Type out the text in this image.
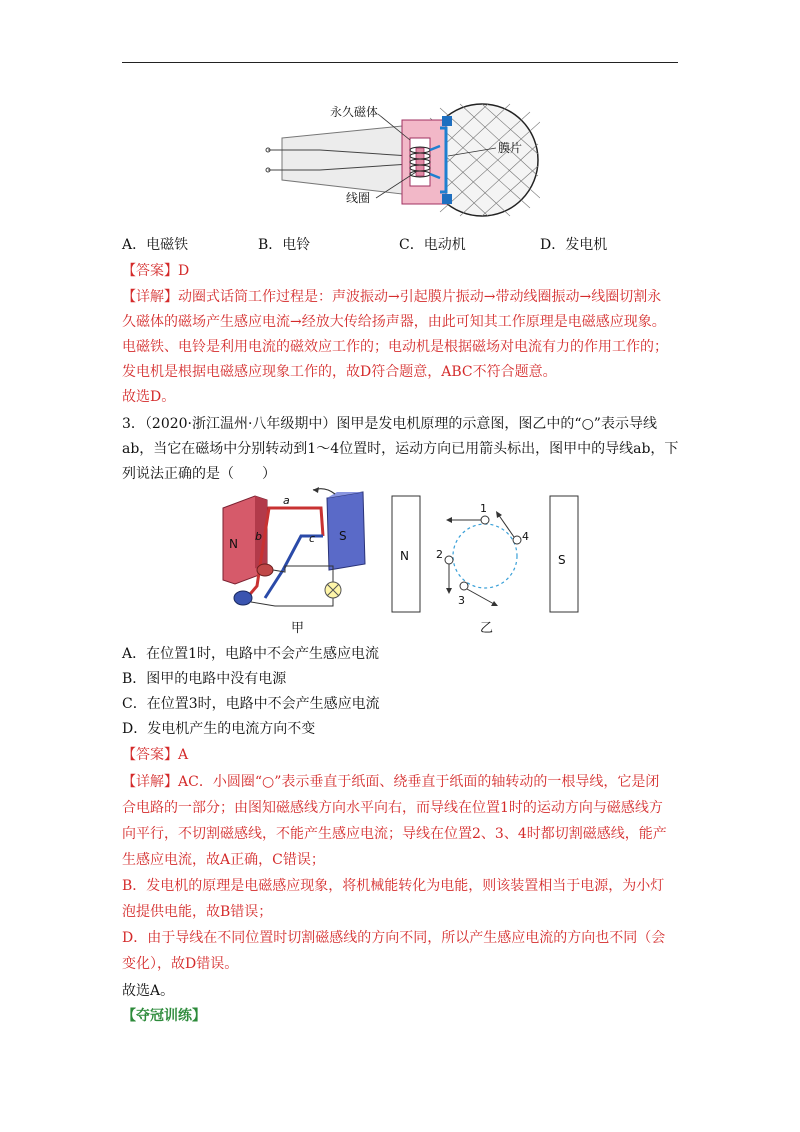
永久磁体
膜片
线圈
A．电磁铁	B．电铃	C．电动机	D．发电机
【答案】D
【详解】动圈式话筒工作过程是：声波振动→引起膜片振动→带动线圈振动→线圈切割永
久磁体的磁场产生感应电流→经放大传给扬声器，由此可知其工作原理是电磁感应现象。
电磁铁、电铃是利用电流的磁效应工作的；电动机是根据磁场对电流有力的作用工作的；
发电机是根据电磁感应现象工作的，故D符合题意，ABC不符合题意。
故选D。
3．（2020·浙江温州·八年级期中）图甲是发电机原理的示意图，图乙中的“○”表示导线
ab，当它在磁场中分别转动到1～4位置时，运动方向已用箭头标出，图甲中的导线ab，下
列说法正确的是（　　）
N
S
a
b	c
甲
N	S
1
4
2
3
乙
A．在位置1时，电路中不会产生感应电流
B．图甲的电路中没有电源
C．在位置3时，电路中不会产生感应电流
D．发电机产生的电流方向不变
【答案】A
【详解】AC．小圆圈“○”表示垂直于纸面、绕垂直于纸面的轴转动的一根导线，它是闭
合电路的一部分；由图知磁感线方向水平向右，而导线在位置1时的运动方向与磁感线方
向平行，不切割磁感线，不能产生感应电流；导线在位置2、3、4时都切割磁感线，能产
生感应电流，故A正确，C错误；
B．发电机的原理是电磁感应现象，将机械能转化为电能，则该装置相当于电源，为小灯
泡提供电能，故B错误；
D．由于导线在不同位置时切割磁感线的方向不同，所以产生感应电流的方向也不同（会
变化），故D错误。
故选A。
【夺冠训练】
